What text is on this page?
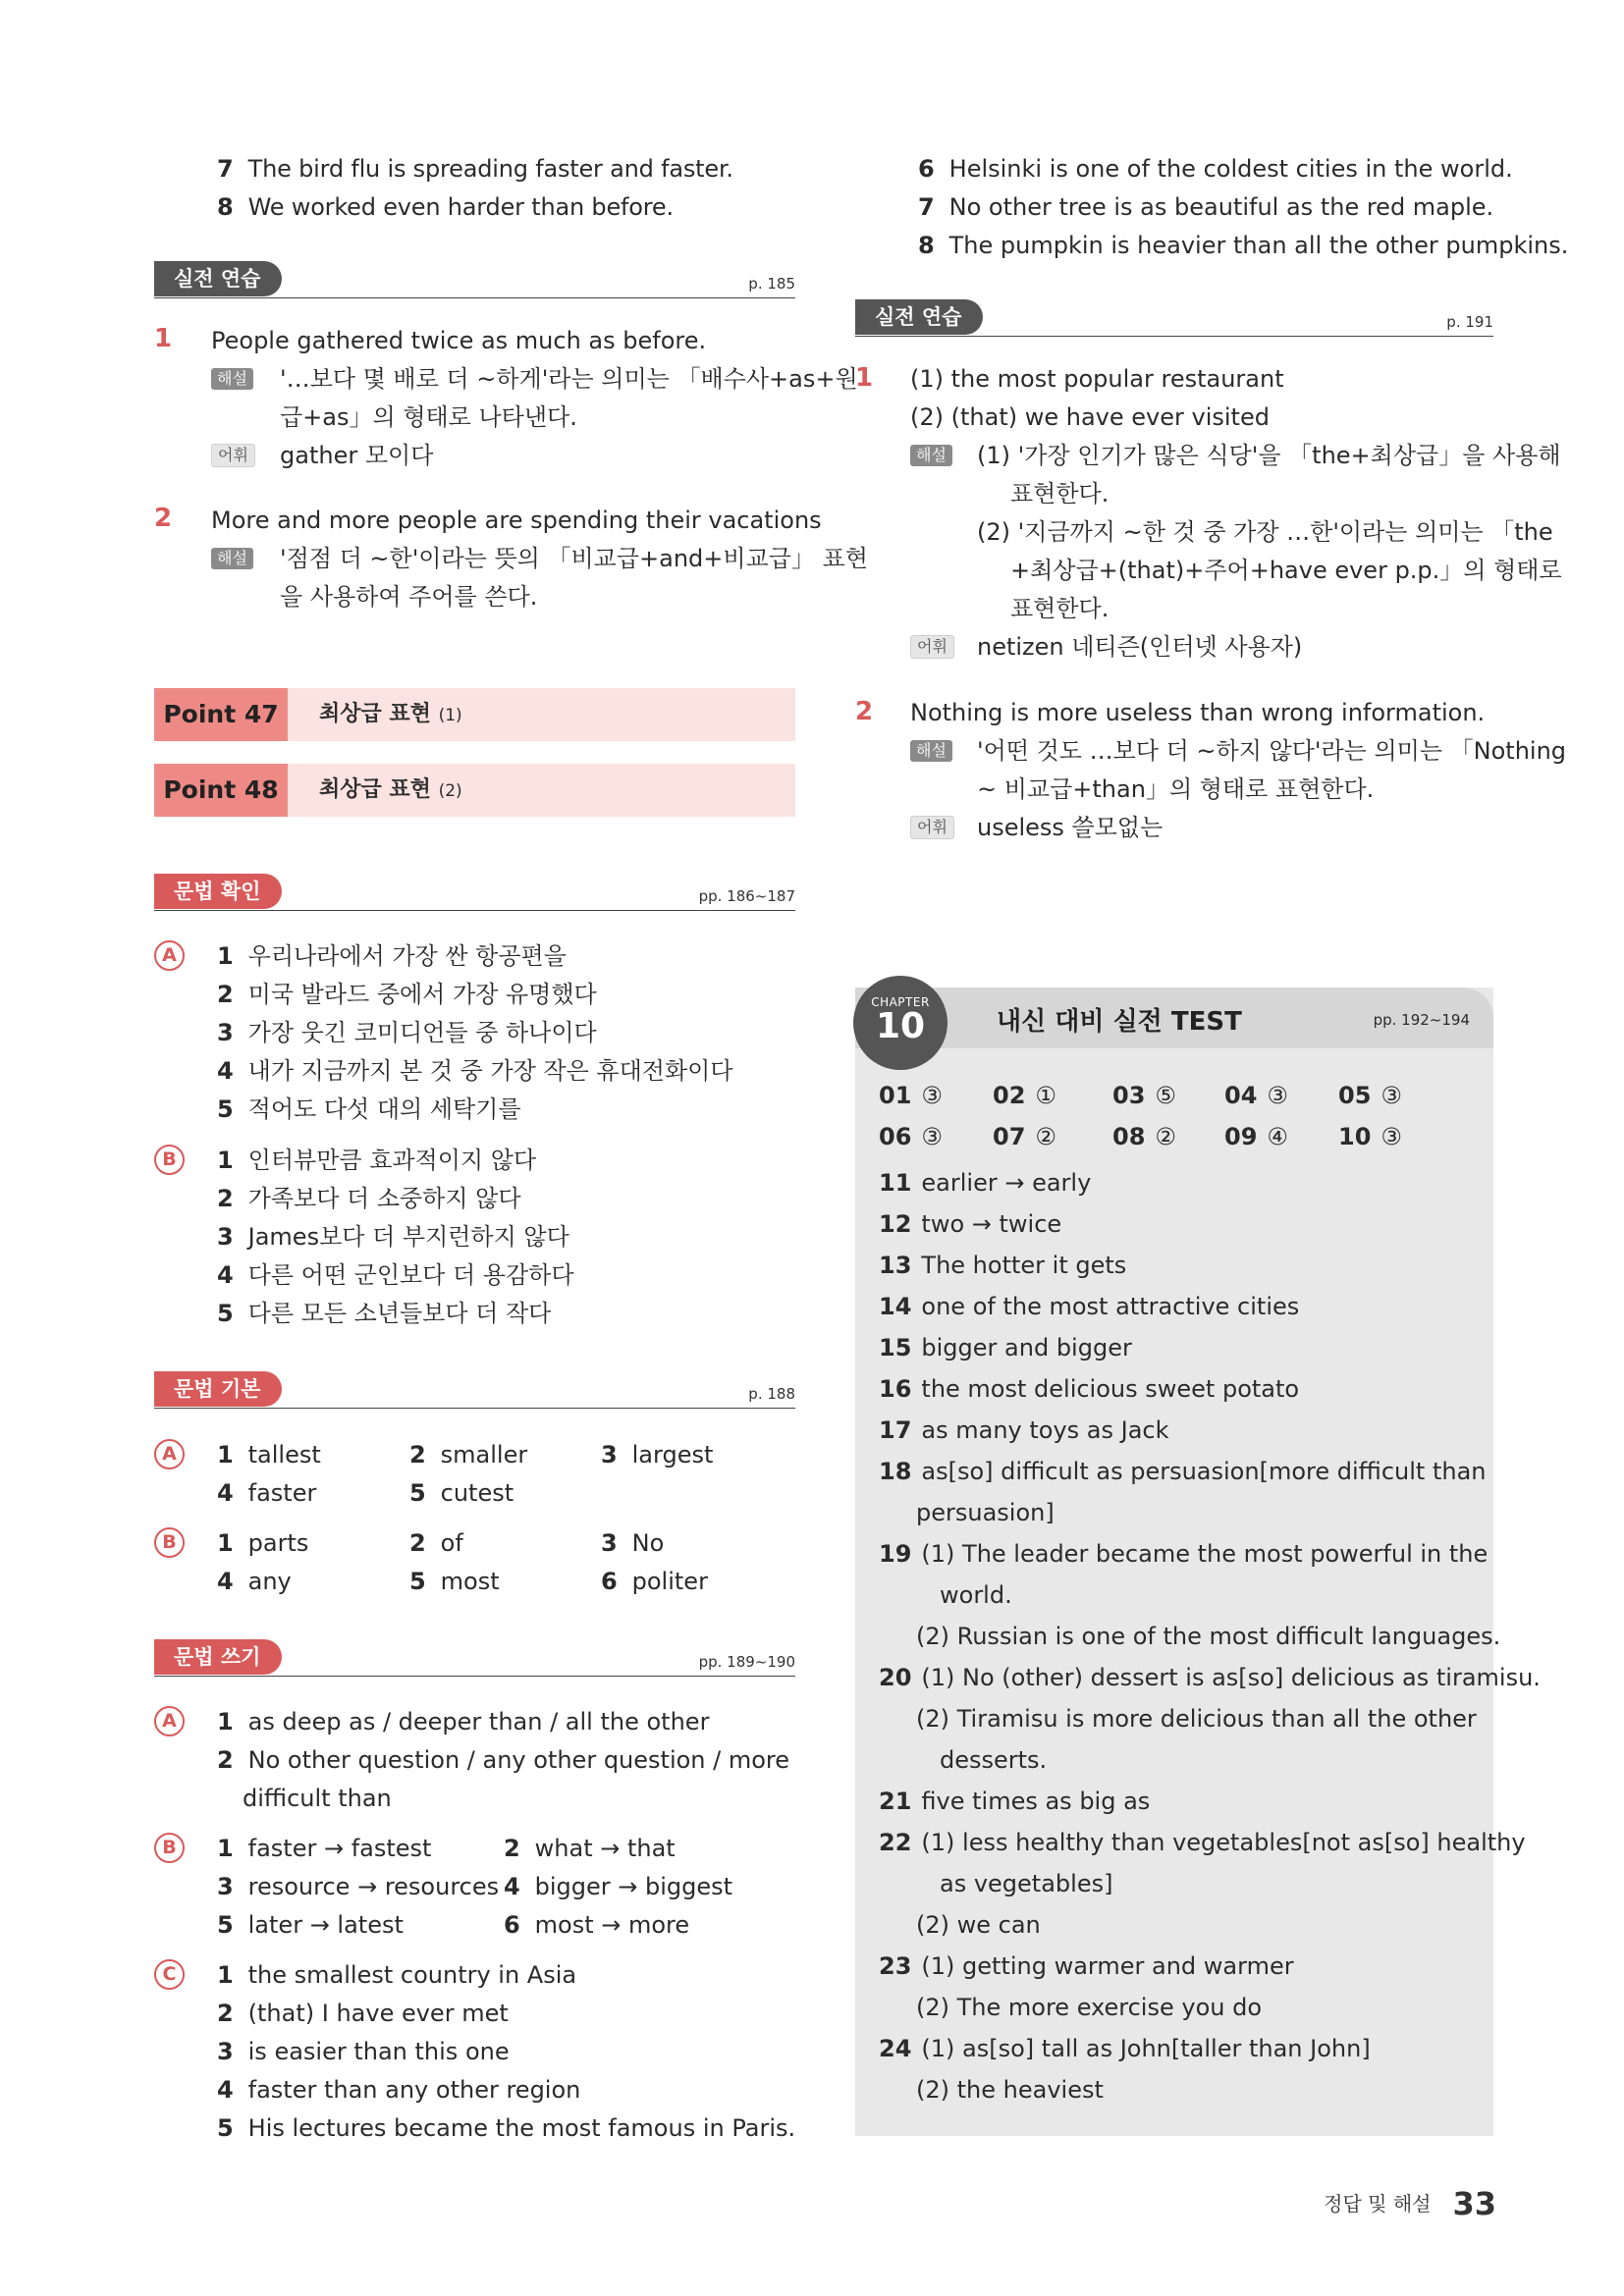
7 The bird flu is spreading faster and faster.
8 We worked even harder than before.
실전 연습	p. 185
1 People gathered twice as much as before.
해설 '…보다 몇 배로 더 ~하게'라는 의미는 「배수사+as+원
급+as」의 형태로 나타낸다.
어휘 gather 모이다
2 More and more people are spending their vacations
해설 '점점 더 ~한'이라는 뜻의 「비교급+and+비교급」 표현
을 사용하여 주어를 쓴다.
Point 47	최상급 표현 (1)
Point 48	최상급 표현 (2)
문법 확인	pp. 186~187
A	1 우리나라에서 가장 싼 항공편을
2 미국 발라드 중에서 가장 유명했다
3 가장 웃긴 코미디언들 중 하나이다
4 내가 지금까지 본 것 중 가장 작은 휴대전화이다
5 적어도 다섯 대의 세탁기를
B	1 인터뷰만큼 효과적이지 않다
2 가족보다 더 소중하지 않다
3 James보다 더 부지런하지 않다
4 다른 어떤 군인보다 더 용감하다
5 다른 모든 소년들보다 더 작다
문법 기본	p. 188
A	1 tallest	2 smaller	3 largest
4 faster	5 cutest
B	1 parts	2 of	3 No
4 any	5 most	6 politer
문법 쓰기	pp. 189~190
A	1 as deep as / deeper than / all the other
2 No other question / any other question / more
difficult than
B	1 faster → fastest	2 what → that
3 resource → resources 4 bigger → biggest
5 later → latest	6 most → more
C	1 the smallest country in Asia
2 (that) I have ever met
3 is easier than this one
4 faster than any other region
5 His lectures became the most famous in Paris.
6 Helsinki is one of the coldest cities in the world.
7 No other tree is as beautiful as the red maple.
8 The pumpkin is heavier than all the other pumpkins.
실전 연습	p. 191
1 (1) the most popular restaurant
(2) (that) we have ever visited
해설 (1) '가장 인기가 많은 식당'을 「the+최상급」을 사용해
표현한다.
(2) '지금까지 ~한 것 중 가장 …한'이라는 의미는 「the
+최상급+(that)+주어+have ever p.p.」의 형태로
표현한다.
어휘 netizen 네티즌(인터넷 사용자)
2 Nothing is more useless than wrong information.
해설 '어떤 것도 …보다 더 ~하지 않다'라는 의미는 「Nothing
~ 비교급+than」의 형태로 표현한다.
어휘 useless 쓸모없는
CHAPTER
10	내신 대비 실전 TEST	pp. 192~194
01 ③ 02 ① 03 ⑤ 04 ③ 05 ③
06 ③ 07 ② 08 ② 09 ④ 10 ③
11 earlier → early
12 two → twice
13 The hotter it gets
14 one of the most attractive cities
15 bigger and bigger
16 the most delicious sweet potato
17 as many toys as Jack
18 as[so] difficult as persuasion[more difficult than
persuasion]
19 (1) The leader became the most powerful in the
world.
(2) Russian is one of the most difficult languages.
20 (1) No (other) dessert is as[so] delicious as tiramisu.
(2) Tiramisu is more delicious than all the other
desserts.
21 five times as big as
22 (1) less healthy than vegetables[not as[so] healthy
as vegetables]
(2) we can
23 (1) getting warmer and warmer
(2) The more exercise you do
24 (1) as[so] tall as John[taller than John]
(2) the heaviest
정답 및 해설 33
